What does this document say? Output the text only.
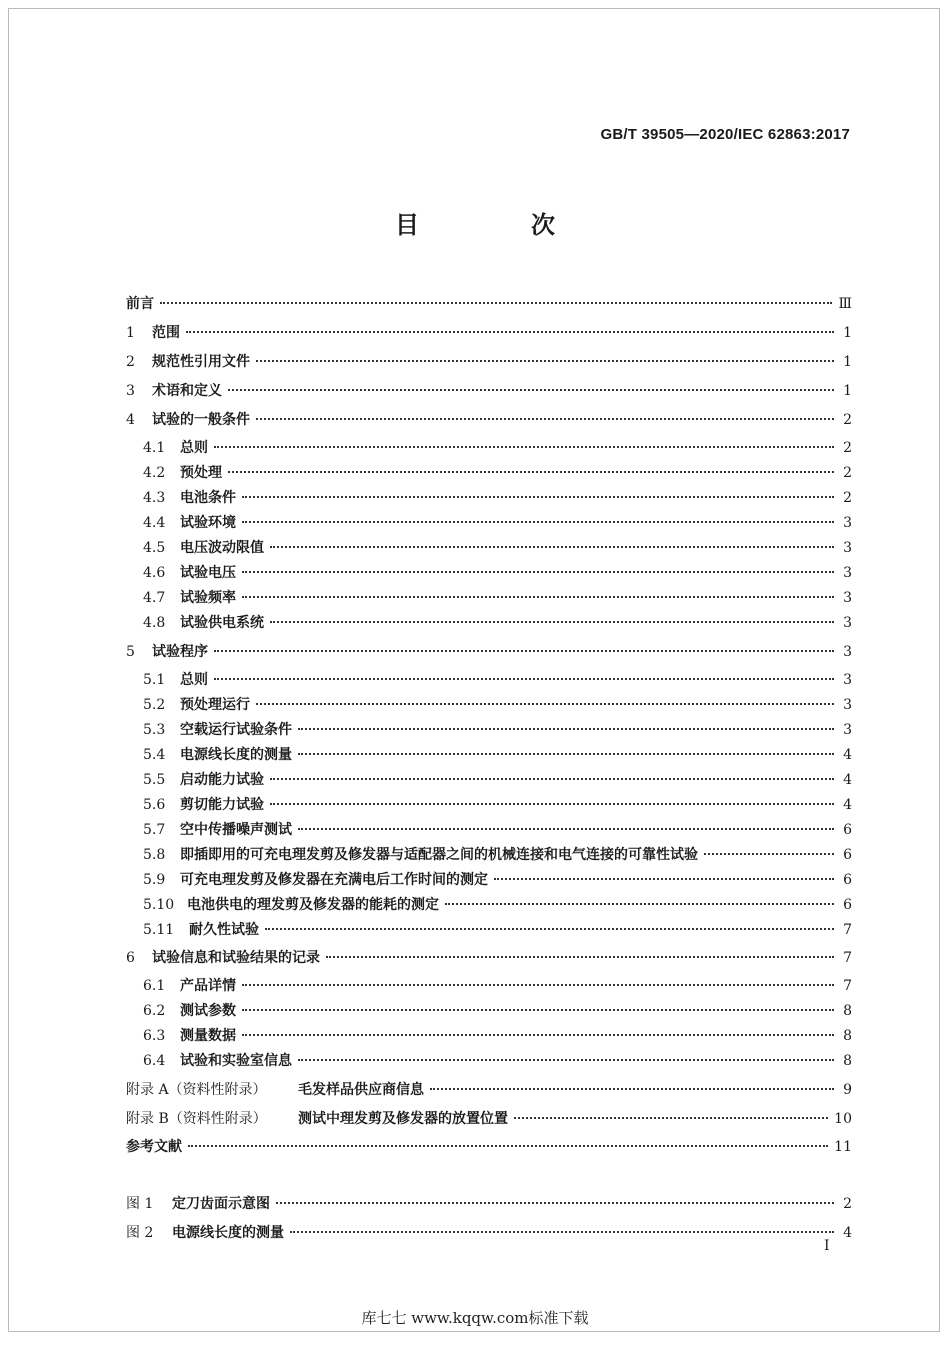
GB/T 39505—2020/IEC 62863:2017
目　次
前言	Ⅲ
1	范围	1
2	规范性引用文件	1
3	术语和定义	1
4	试验的一般条件	2
4.1	总则	2
4.2	预处理	2
4.3	电池条件	2
4.4	试验环境	3
4.5	电压波动限值	3
4.6	试验电压	3
4.7	试验频率	3
4.8	试验供电系统	3
5	试验程序	3
5.1	总则	3
5.2	预处理运行	3
5.3	空载运行试验条件	3
5.4	电源线长度的测量	4
5.5	启动能力试验	4
5.6	剪切能力试验	4
5.7	空中传播噪声测试	6
5.8	即插即用的可充电理发剪及修发器与适配器之间的机械连接和电气连接的可靠性试验	6
5.9	可充电理发剪及修发器在充满电后工作时间的测定	6
5.10 电池供电的理发剪及修发器的能耗的测定	6
5.11	耐久性试验	7
6	试验信息和试验结果的记录	7
6.1	产品详情	7
6.2	测试参数	8
6.3	测量数据	8
6.4	试验和实验室信息	8
附录 A（资料性附录）	毛发样品供应商信息	9
附录 B（资料性附录）	测试中理发剪及修发器的放置位置	10
参考文献	11
图 1	定刀齿面示意图	2
图 2	电源线长度的测量	4
I
库七七 www.kqqw.com标准下载
